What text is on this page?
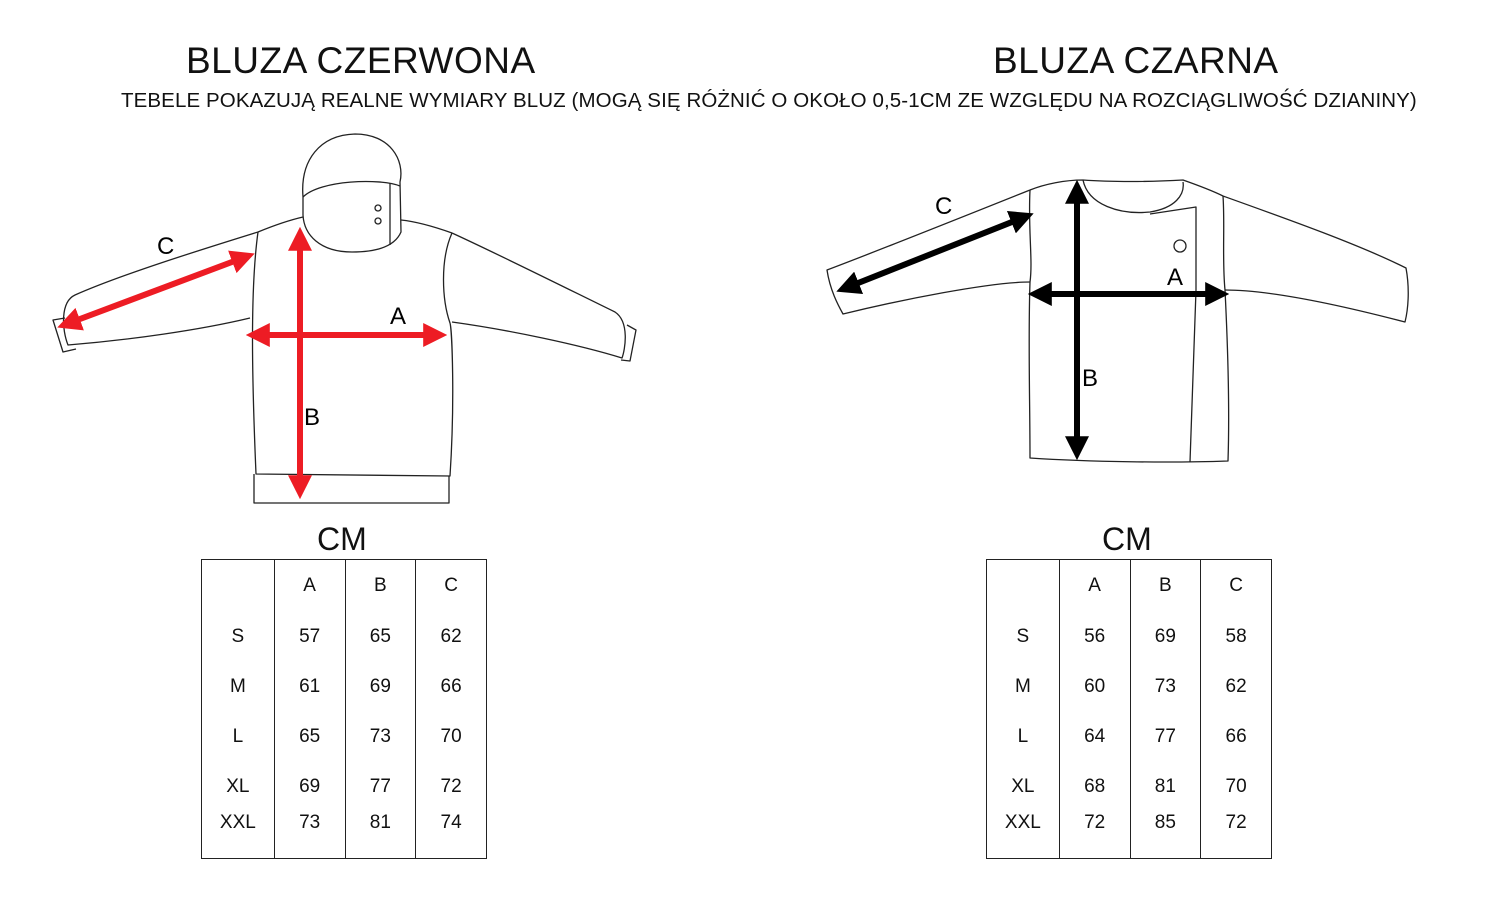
BLUZA CZERWONA	BLUZA CZARNA
TEBELE POKAZUJĄ REALNE WYMIARY BLUZ (MOGĄ SIĘ RÓŻNIĆ O OKOŁO 0,5-1CM ZE WZGLĘDU NA ROZCIĄGLIWOŚĆ DZIANINY)
A
B
C
A
B
C
CM	CM
	A	B	C
S	57	65	62
M	61	69	66
L	65	73	70
XL	69	77	72
XXL	73	81	74
	A	B	C
S	56	69	58
M	60	73	62
L	64	77	66
XL	68	81	70
XXL	72	85	72
